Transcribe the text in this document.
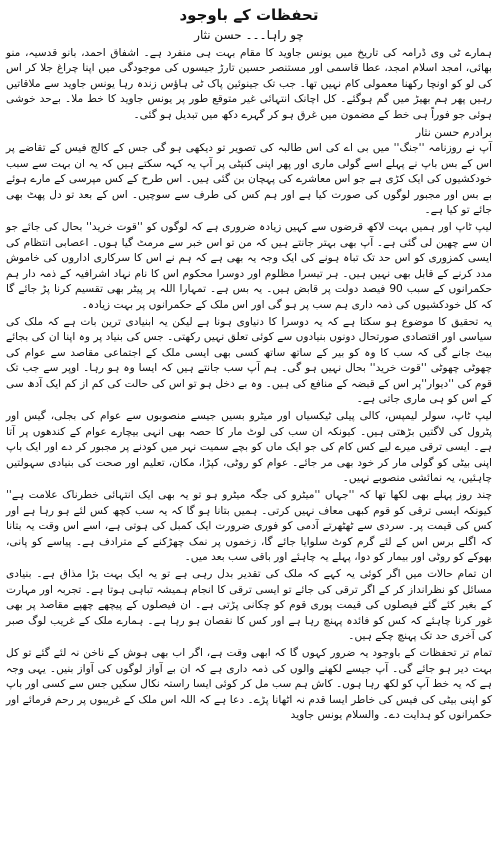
تحفظات کے باوجود
چو راہا۔۔۔ حسن نثار

ہمارے ٹی وی ڈرامہ کی تاریخ میں یونس جاوید کا مقام بہت ہی منفرد ہے۔ اشفاق احمد، بانو قدسیہ، منو بھائی، امجد اسلام امجد، عطا قاسمی اور مستنصر حسین تارڑ جیسوں کی موجودگی میں اپنا چراغ جلا کر اس کی لو کو اونچا رکھنا معمولی کام نہیں تھا۔ جب تک جینوئین پاک ٹی ہاؤس زندہ رہا یونس جاوید سے ملاقاتیں رہیں پھر ہم بھیڑ میں گم ہوگئے۔ کل اچانک انتہائی غیر متوقع طور پر یونس جاوید کا خط ملا۔ بےحد خوشی ہوئی جو فوراً ہی خط کے مضمون میں غرق ہو کر گہرے دکھ میں تبدیل ہو گئی۔

برادرم حسن نثار

آپ نے روزنامہ ''جنگ'' میں بی اے کی اس طالبہ کی تصویر تو دیکھی ہو گی جس کے کالج فیس کے تقاضے پر اس کے بس باپ نے پہلے اسے گولی ماری اور پھر اپنی کنپٹی پر آپ یہ کہہ سکتے ہیں کہ یہ ان بہت سے سبب خودکشیوں کی ایک کڑی ہے جو اس معاشرے کی پہچان بن گئی ہیں۔ اس طرح کے کس مپرسی کے مارے ہوئے بے بس اور مجبور لوگوں کی صورت کیا ہے اور ہم کس کی طرف سے سوچیں۔ اس کے بعد تو دل پھٹ بھی جائے تو کیا ہے۔

لیپ ٹاپ اور ہمیں بہت لاکھ قرضوں سے کہیں زیادہ ضروری ہے کہ لوگوں کو ''قوت خرید'' بحال کی جائے جو ان سے چھین لی گئی ہے۔ آپ بھی بہتر جانتے ہیں کہ من تو اس خبر سے مرمٹ گیا ہوں۔ اعصابی انتظام کی ایسی کمزوری کو اس حد تک تباہ ہونے کی ایک وجہ یہ بھی ہے کہ ہم نے اس کا سرکاری اداروں کی خاموش مدد کرنے کے قابل بھی نہیں ہیں۔ ہر تیسرا مظلوم اور دوسرا محکوم اس کا نام نہاد اشرافیہ کے ذمہ دار ہم حکمرانوں کے سبب 90 فیصد دولت پر قابض ہیں۔ یہ بس ہے۔ تمہارا اللہ پر پیٹر بھی تقسیم کرنا پڑ جائے گا کہ کل خودکشیوں کی ذمہ داری ہم سب پر ہو گی اور اس ملک کے حکمرانوں پر بہت زیادہ۔

یہ تحقیق کا موضوع ہو سکتا ہے کہ یہ دوسرا کا دنیاوی ہونا ہے لیکن یہ ابنیادی ترین بات ہے کہ ملک کی سیاسی اور اقتصادی صورتحال دونوں بنیادوں سے کوئی تعلق نہیں رکھتی۔ جس کی بنیاد پر وہ اپنا ان کی بجائے بیٹ جانے گی کہ سب کا وہ کو بیر کے ساتھ ساتھ کسی بھی ایسی ملک کے اجتماعی مقاصد سے عوام کی چھوٹی چھوٹی ''قوت خرید'' بحال نہیں ہو گی۔ ہم آپ سب جانتے ہیں کہ ایسا وہ ہو رہا۔ اوپر سے جب تک قوم کی ''دیوار''پر اس کے قبضہ کے منافع کی ہیں۔ وہ بے دخل ہو تو اس کی حالت کی کم از کم ایک آدھ سی کے اس کو ہی ماری جاتی ہے۔

لیپ ٹاپ، سولر لیمپس، کالی پیلی ٹیکسیاں اور میٹرو بسیں جیسے منصوبوں سے عوام کی بجلی، گیس اور پٹرول کی لاگتیں بڑھتی ہیں۔ کیونکہ ان سب کی لوٹ مار کا حصہ بھی انہی بیچارے عوام کے کندھوں پر آتا ہے۔ ایسی ترقی میرے لیے کس کام کی جو ایک ماں کو بچے سمیت نہر میں کودنے پر مجبور کر دے اور ایک باپ اپنی بیٹی کو گولی مار کر خود بھی مر جائے۔ عوام کو روٹی، کپڑا، مکان، تعلیم اور صحت کی بنیادی سہولتیں چاہئیں، یہ نمائشی منصوبے نہیں۔

چند روز پہلے بھی لکھا تھا کہ ''جہاں ''میٹرو کی جگہ میٹرو ہو تو یہ بھی ایک انتہائی خطرناک علامت ہے'' کیونکہ ایسی ترقی کو قوم کبھی معاف نہیں کرتی۔ ہمیں بتانا ہو گا کہ یہ سب کچھ کس لئے ہو رہا ہے اور کس کی قیمت پر۔ سردی سے ٹھٹھرتے آدمی کو فوری ضرورت ایک کمبل کی ہوتی ہے، اسے اس وقت یہ بتانا کہ اگلے برس اس کے لئے گرم کوٹ سلوایا جائے گا، زخموں پر نمک چھڑکنے کے مترادف ہے۔ پیاسے کو پانی، بھوکے کو روٹی اور بیمار کو دوا، پہلے یہ چاہئے اور باقی سب بعد میں۔

ان تمام حالات میں اگر کوئی یہ کہے کہ ملک کی تقدیر بدل رہی ہے تو یہ ایک بہت بڑا مذاق ہے۔ بنیادی مسائل کو نظرانداز کر کے اگر ترقی کی جائے تو ایسی ترقی کا انجام ہمیشہ تباہی ہوتا ہے۔ تجربہ اور مہارت کے بغیر کئے گئے فیصلوں کی قیمت پوری قوم کو چکانی پڑتی ہے۔ ان فیصلوں کے پیچھے چھپے مقاصد پر بھی غور کرنا چاہئے کہ کس کو فائدہ پہنچ رہا ہے اور کس کا نقصان ہو رہا ہے۔ ہمارے ملک کے غریب لوگ صبر کی آخری حد تک پہنچ چکے ہیں۔

تمام تر تحفظات کے باوجود یہ ضرور کہوں گا کہ ابھی وقت ہے، اگر اب بھی ہوش کے ناخن نہ لئے گئے تو کل بہت دیر ہو جائے گی۔ آپ جیسے لکھنے والوں کی ذمہ داری ہے کہ ان بے آواز لوگوں کی آواز بنیں۔ یہی وجہ ہے کہ یہ خط آپ کو لکھ رہا ہوں۔ کاش ہم سب مل کر کوئی ایسا راستہ نکال سکیں جس سے کسی اور باپ کو اپنی بیٹی کی فیس کی خاطر ایسا قدم نہ اٹھانا پڑے۔ دعا ہے کہ اللہ اس ملک کے غریبوں پر رحم فرمائے اور حکمرانوں کو ہدایت دے۔ والسلام یونس جاوید
